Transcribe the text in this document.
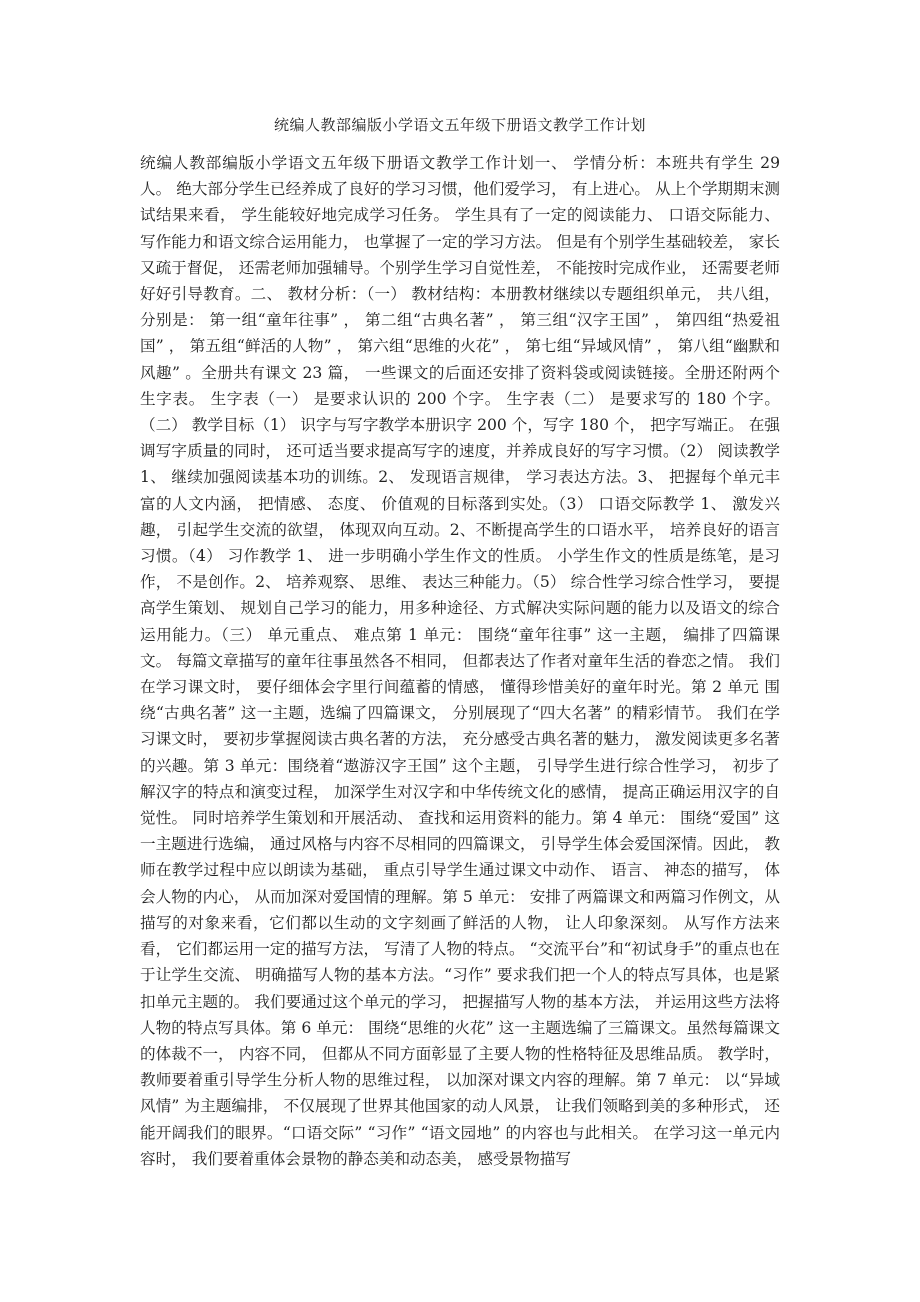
统编人教部编版小学语文五年级下册语文教学工作计划

统编人教部编版小学语文五年级下册语文教学工作计划一、 学情分析：本班共有学生 29 人。 绝大部分学生已经养成了良好的学习习惯，他们爱学习， 有上进心。 从上个学期期末测试结果来看， 学生能较好地完成学习任务。 学生具有了一定的阅读能力、 口语交际能力、 写作能力和语文综合运用能力， 也掌握了一定的学习方法。 但是有个别学生基础较差， 家长又疏于督促， 还需老师加强辅导。个别学生学习自觉性差， 不能按时完成作业， 还需要老师好好引导教育。二、 教材分析：（一） 教材结构：本册教材继续以专题组织单元， 共八组， 分别是： 第一组“童年往事” ， 第二组“古典名著” ， 第三组“汉字王国” ， 第四组“热爱祖国” ， 第五组“鲜活的人物” ， 第六组“思维的火花” ， 第七组“异域风情” ， 第八组“幽默和风趣” 。全册共有课文 23 篇， 一些课文的后面还安排了资料袋或阅读链接。全册还附两个生字表。 生字表（一） 是要求认识的 200 个字。 生字表（二） 是要求写的 180 个字。（二） 教学目标（1） 识字与写字教学本册识字 200 个，写字 180 个， 把字写端正。 在强调写字质量的同时， 还可适当要求提高写字的速度，并养成良好的写字习惯。（2） 阅读教学 1、 继续加强阅读基本功的训练。2、 发现语言规律， 学习表达方法。3、 把握每个单元丰富的人文内涵， 把情感、 态度、 价值观的目标落到实处。（3） 口语交际教学 1、 激发兴趣， 引起学生交流的欲望， 体现双向互动。2、不断提高学生的口语水平， 培养良好的语言习惯。（4） 习作教学 1、 进一步明确小学生作文的性质。 小学生作文的性质是练笔，是习作， 不是创作。2、 培养观察、 思维、 表达三种能力。（5） 综合性学习综合性学习， 要提高学生策划、 规划自己学习的能力，用多种途径、方式解决实际问题的能力以及语文的综合运用能力。（三） 单元重点、 难点第 1 单元： 围绕“童年往事” 这一主题， 编排了四篇课文。 每篇文章描写的童年往事虽然各不相同， 但都表达了作者对童年生活的眷恋之情。 我们在学习课文时， 要仔细体会字里行间蕴蓄的情感， 懂得珍惜美好的童年时光。第 2 单元 围绕“古典名著” 这一主题，选编了四篇课文， 分别展现了“四大名著” 的精彩情节。 我们在学习课文时， 要初步掌握阅读古典名著的方法， 充分感受古典名著的魅力， 激发阅读更多名著的兴趣。第 3 单元：围绕着“遨游汉字王国” 这个主题， 引导学生进行综合性学习， 初步了解汉字的特点和演变过程， 加深学生对汉字和中华传统文化的感情， 提高正确运用汉字的自觉性。 同时培养学生策划和开展活动、 查找和运用资料的能力。第 4 单元： 围绕“爱国” 这一主题进行选编， 通过风格与内容不尽相同的四篇课文， 引导学生体会爱国深情。因此， 教师在教学过程中应以朗读为基础， 重点引导学生通过课文中动作、 语言、 神态的描写， 体会人物的内心， 从而加深对爱国情的理解。第 5 单元： 安排了两篇课文和两篇习作例文，从描写的对象来看，它们都以生动的文字刻画了鲜活的人物， 让人印象深刻。 从写作方法来看， 它们都运用一定的描写方法， 写清了人物的特点。 “交流平台”和“初试身手”的重点也在于让学生交流、 明确描写人物的基本方法。“习作” 要求我们把一个人的特点写具体，也是紧扣单元主题的。 我们要通过这个单元的学习， 把握描写人物的基本方法， 并运用这些方法将人物的特点写具体。第 6 单元： 围绕“思维的火花” 这一主题选编了三篇课文。虽然每篇课文的体裁不一， 内容不同， 但都从不同方面彰显了主要人物的性格特征及思维品质。 教学时， 教师要着重引导学生分析人物的思维过程， 以加深对课文内容的理解。第 7 单元： 以“异域风情” 为主题编排， 不仅展现了世界其他国家的动人风景， 让我们领略到美的多种形式， 还能开阔我们的眼界。“口语交际” “习作” “语文园地” 的内容也与此相关。 在学习这一单元内容时， 我们要着重体会景物的静态美和动态美， 感受景物描写
